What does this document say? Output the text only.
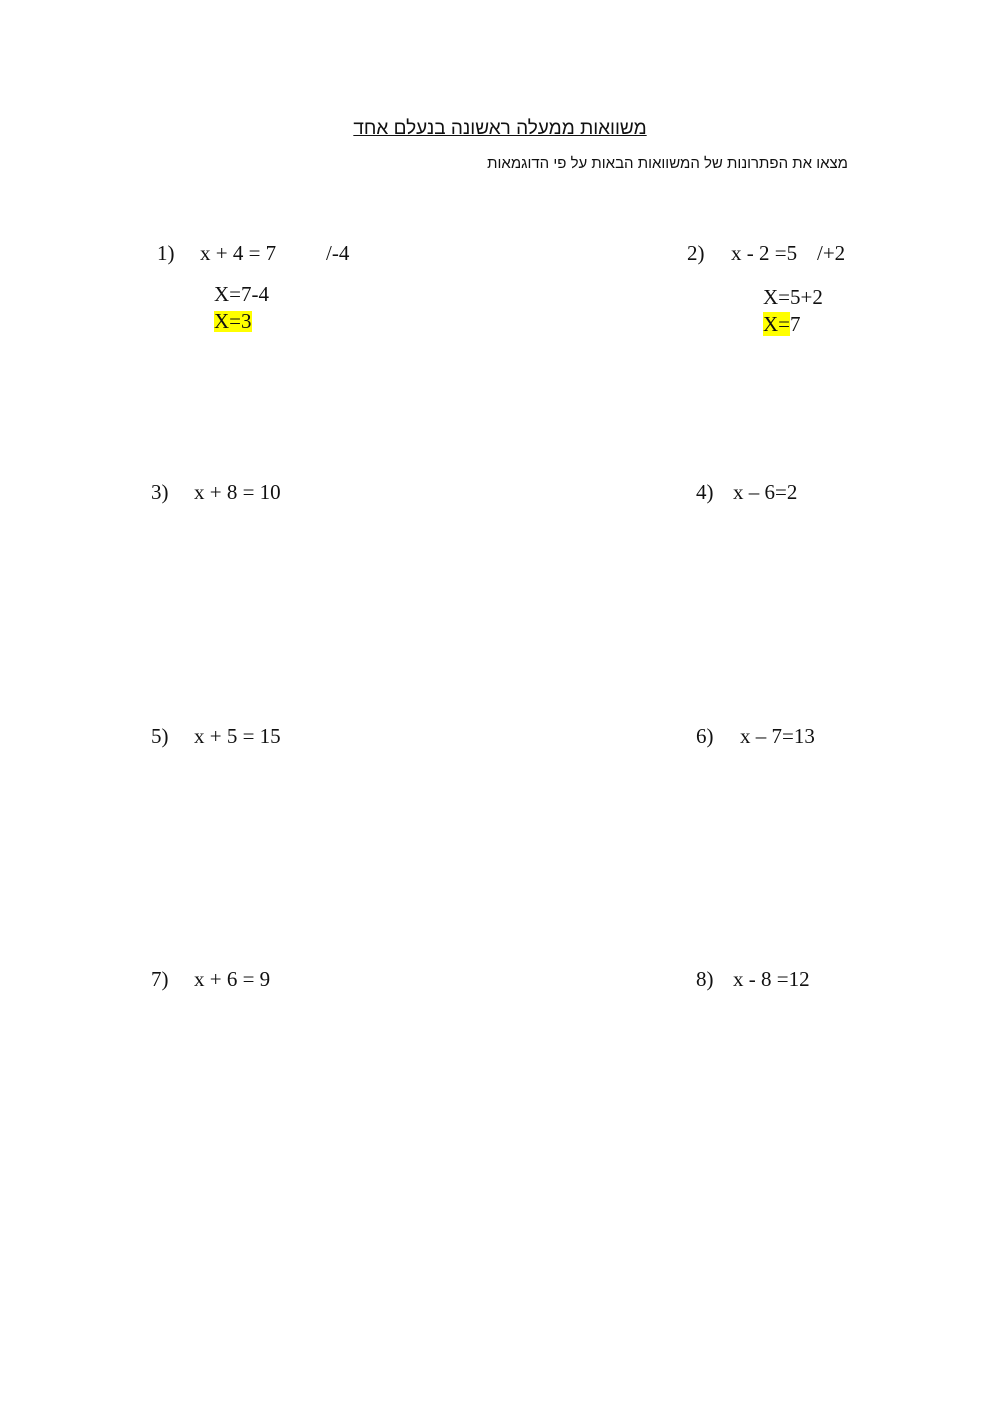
משוואות ממעלה ראשונה בנעלם אחד
מצאו את הפתרונות של המשוואות הבאות על פי הדוגמאות
1) x + 4 = 7 /-4
X=7-4
X=3
2) x - 2 =5 /+2
X=5+2
X=7
3) x + 8 = 10	4) x – 6=2
5) x + 5 = 15	6) x – 7=13
7) x + 6 = 9	8) x - 8 =12
